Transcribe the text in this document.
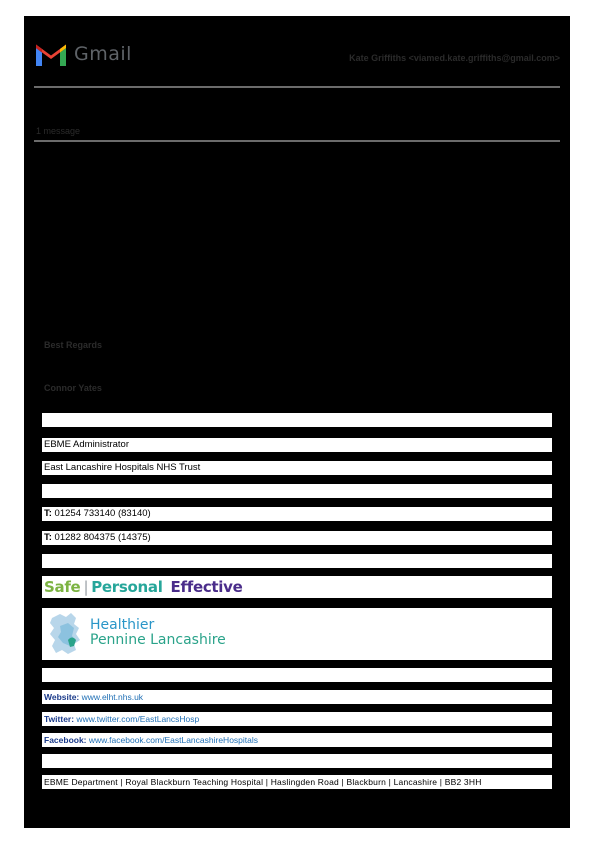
Gmail	Kate Griffiths <viamed.kate.griffiths@gmail.com>
1 message
Best Regards
Connor Yates
EBME Administrator
East Lancashire Hospitals NHS Trust
T: 01254 733140 (83140)
T: 01282 804375 (14375)
Safe | Personal Effective
Healthier
Pennine Lancashire
Website: www.elht.nhs.uk
Twitter: www.twitter.com/EastLancsHosp
Facebook: www.facebook.com/EastLancashireHospitals
EBME Department | Royal Blackburn Teaching Hospital | Haslingden Road | Blackburn | Lancashire | BB2 3HH
